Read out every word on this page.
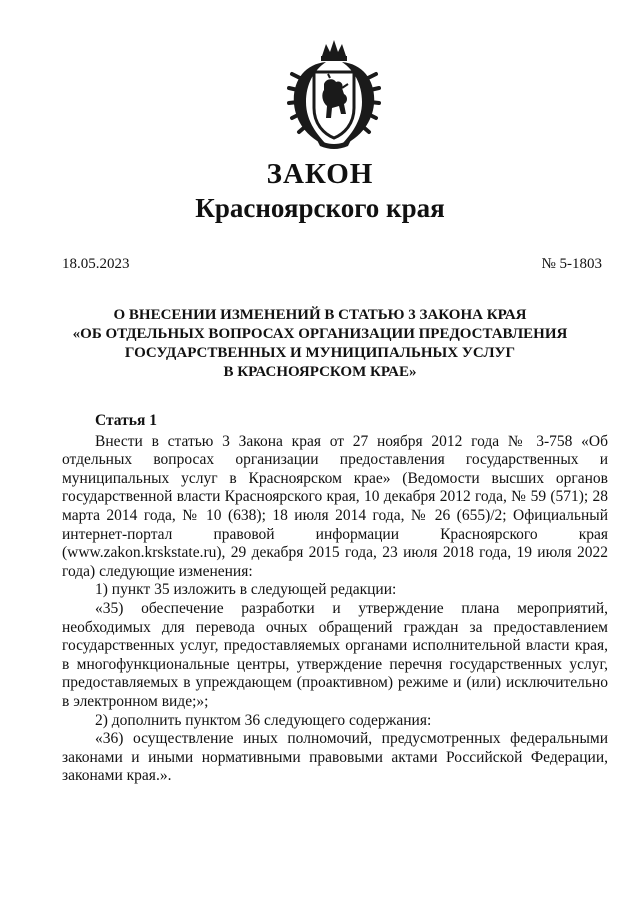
ЗАКОН
Красноярского края
18.05.2023	№ 5-1803
О ВНЕСЕНИИ ИЗМЕНЕНИЙ В СТАТЬЮ 3 ЗАКОНА КРАЯ
«ОБ ОТДЕЛЬНЫХ ВОПРОСАХ ОРГАНИЗАЦИИ ПРЕДОСТАВЛЕНИЯ
ГОСУДАРСТВЕННЫХ И МУНИЦИПАЛЬНЫХ УСЛУГ
В КРАСНОЯРСКОМ КРАЕ»

Статья 1

Внести в статью 3 Закона края от 27 ноября 2012 года № 3-758 «Об отдельных вопросах организации предоставления государственных и муниципальных услуг в Красноярском крае» (Ведомости высших органов государственной власти Красноярского края, 10 декабря 2012 года, № 59 (571); 28 марта 2014 года, № 10 (638); 18 июля 2014 года, № 26 (655)/2; Официальный интернет-портал правовой информации Красноярского края (www.zakon.krskstate.ru), 29 декабря 2015 года, 23 июля 2018 года, 19 июля 2022 года) следующие изменения:

1) пункт 35 изложить в следующей редакции:

«35) обеспечение разработки и утверждение плана мероприятий, необходимых для перевода очных обращений граждан за предоставлением государственных услуг, предоставляемых органами исполнительной власти края, в многофункциональные центры, утверждение перечня государственных услуг, предоставляемых в упреждающем (проактивном) режиме и (или) исключительно в электронном виде;»;

2) дополнить пунктом 36 следующего содержания:

«36) осуществление иных полномочий, предусмотренных федеральными законами и иными нормативными правовыми актами Российской Федерации, законами края.».
